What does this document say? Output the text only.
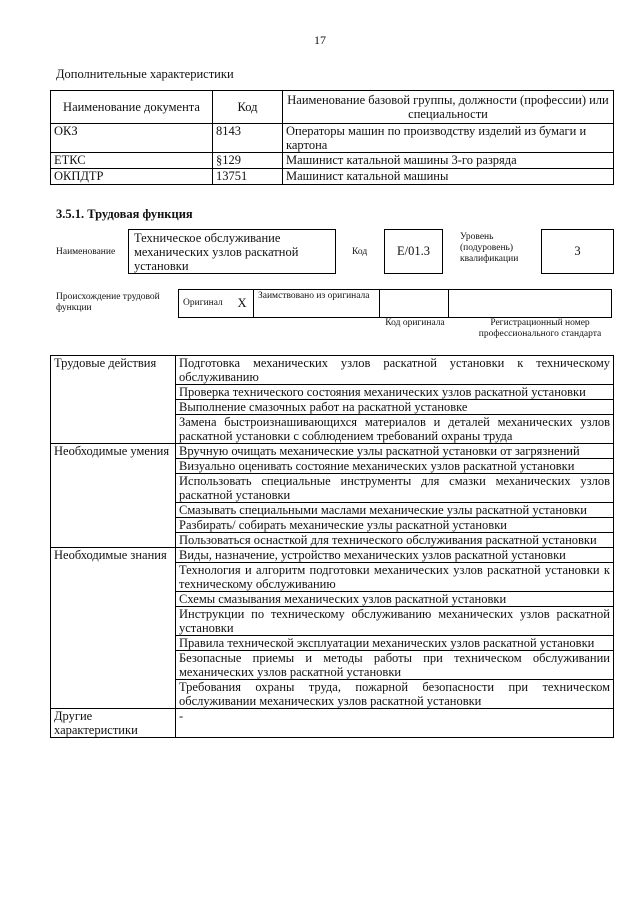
17
Дополнительные характеристики
Наименование документа	Код	Наименование базовой группы, должности (профессии) или специальности
ОКЗ	8143	Операторы машин по производству изделий из бумаги и картона
ЕТКС	§129	Машинист катальной машины 3-го разряда
ОКПДТР	13751	Машинист катальной машины
3.5.1. Трудовая функция
Наименование
Техническое обслуживание механических узлов раскатной установки
Код	E/01.3
Уровень (подуровень) квалификации
3
Происхождение трудовой функции	Оригинал	X	Заимствовано из оригинала		
Код оригинала	Регистрационный номер профессионального стандарта
Трудовые действия	Подготовка механических узлов раскатной установки к техническому обслуживанию
	Проверка технического состояния механических узлов раскатной установки
	Выполнение смазочных работ на раскатной установке
	Замена быстроизнашивающихся материалов и деталей механических узлов раскатной установки с соблюдением требований охраны труда
Необходимые умения	Вручную очищать механические узлы раскатной установки от загрязнений
	Визуально оценивать состояние механических узлов раскатной установки
	Использовать специальные инструменты для смазки механических узлов раскатной установки
	Смазывать специальными маслами механические узлы раскатной установки
	Разбирать/ собирать механические узлы раскатной установки
	Пользоваться оснасткой для технического обслуживания раскатной установки
Необходимые знания	Виды, назначение, устройство механических узлов раскатной установки
	Технология и алгоритм подготовки механических узлов раскатной установки к техническому обслуживанию
	Схемы смазывания механических узлов раскатной установки
	Инструкции по техническому обслуживанию механических узлов раскатной установки
	Правила технической эксплуатации механических узлов раскатной установки
	Безопасные приемы и методы работы при техническом обслуживании механических узлов раскатной установки
	Требования охраны труда, пожарной безопасности при техническом обслуживании механических узлов раскатной установки
Другие характеристики	-
